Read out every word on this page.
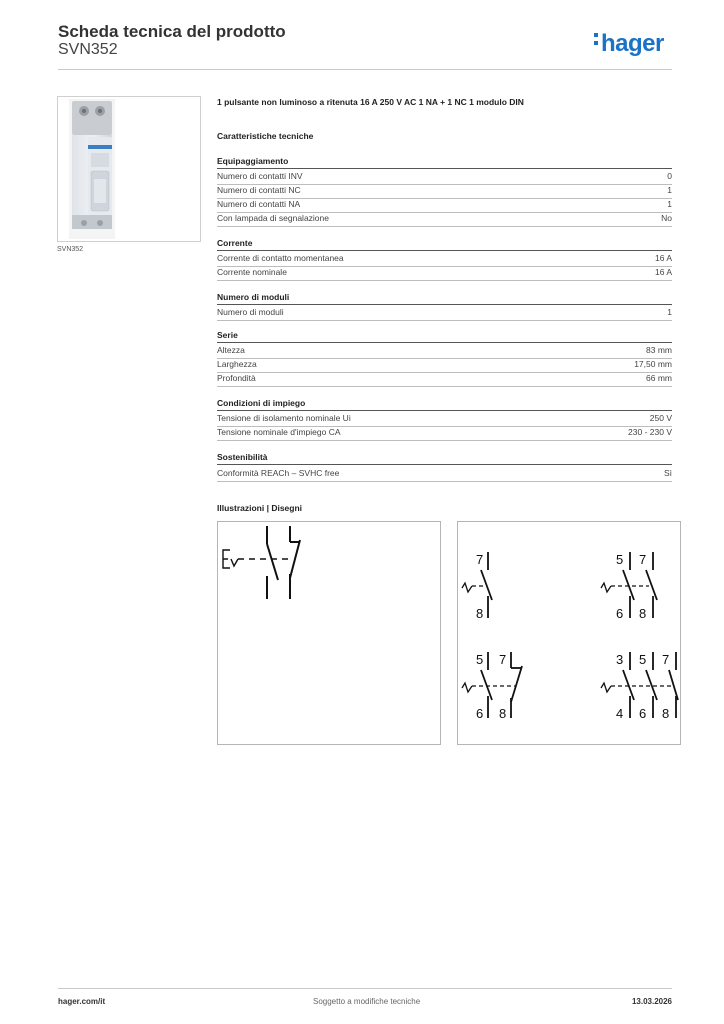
Scheda tecnica del prodotto
SVN352	hager
SVN352
1 pulsante non luminoso a ritenuta 16 A 250 V AC 1 NA + 1 NC 1 modulo DIN
Caratteristiche tecniche
Equipaggiamento
Numero di contatti INV	0
Numero di contatti NC	1
Numero di contatti NA	1
Con lampada di segnalazione	No
Corrente
Corrente di contatto momentanea	16 A
Corrente nominale	16 A
Numero di moduli
Numero di moduli	1
Serie
Altezza	83 mm
Larghezza	17,50 mm
Profondità	66 mm
Condizioni di impiego
Tensione di isolamento nominale Ui	250 V
Tensione nominale d'impiego CA	230 - 230 V
Sostenibilità
Conformità REACh – SVHC free	Sì
Illustrazioni | Disegni
7
8
5 7
6 8
5 7
6 8
3 5 7
4 6 8
hager.com/it	Soggetto a modifiche tecniche	13.03.2026
